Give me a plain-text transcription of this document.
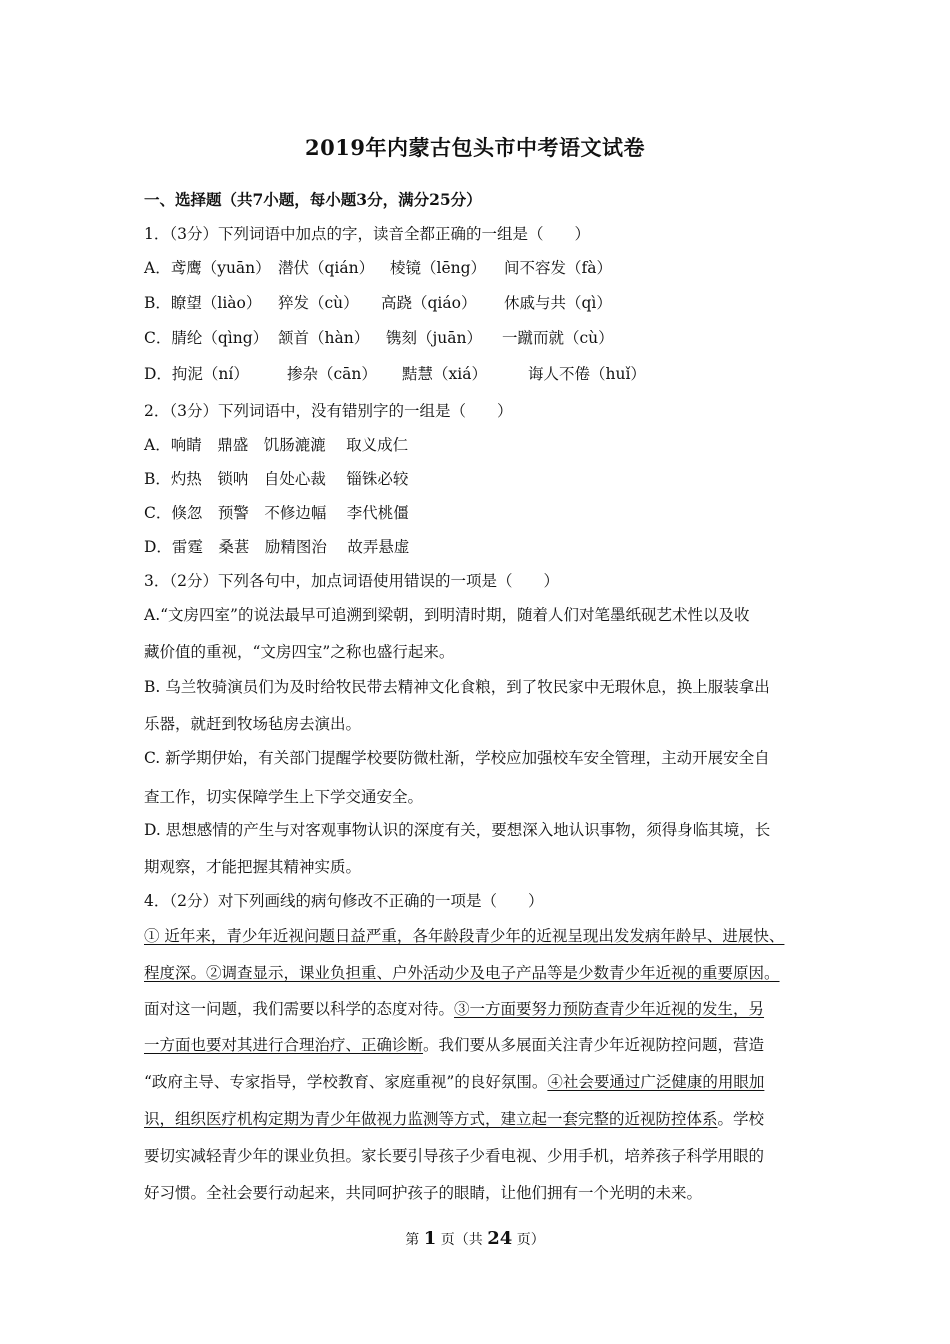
2019年内蒙古包头市中考语文试卷
一、选择题（共7小题，每小题3分，满分25分）
1．（3分）下列词语中加点的字，读音全都正确的一组是（　　）
A．鸢鹰（yuān） 潜伏（qián） 棱镜（lēng） 间不容发（fà）
B．瞭望（liào） 猝发（cù） 高跷（qiáo） 休戚与共（qì）
C．腈纶（qìng） 颔首（hàn） 镌刻（juān） 一蹴而就（cù）
D．拘泥（ní） 掺杂（cān） 黠慧（xiá）	诲人不倦（huǐ）
2．（3分）下列词语中，没有错别字的一组是（　　）
A．响睛　鼎盛　饥肠漉漉　 取义成仁
B．灼热　锁呐　自处心裁　 锱铢必较
C．倏忽　预警　不修边幅　 李代桃僵
D．雷霆　桑葚　励精图治　 故弄悬虚
3．（2分）下列各句中，加点词语使用错误的一项是（　　）
A.“文房四室”的说法最早可追溯到梁朝，到明清时期，随着人们对笔墨纸砚艺术性以及收
藏价值的重视，“文房四宝”之称也盛行起来。
B. 乌兰牧骑演员们为及时给牧民带去精神文化食粮，到了牧民家中无瑕休息，换上服装拿出
乐器，就赶到牧场毡房去演出。
C. 新学期伊始，有关部门提醒学校要防微杜渐，学校应加强校车安全管理，主动开展安全自
查工作，切实保障学生上下学交通安全。
D. 思想感情的产生与对客观事物认识的深度有关，要想深入地认识事物，须得身临其境，长
期观察，才能把握其精神实质。
4．（2分）对下列画线的病句修改不正确的一项是（　　）
① 近年来，青少年近视问题日益严重，各年龄段青少年的近视呈现出发发病年龄早、进展快、
程度深。②调查显示，课业负担重、户外活动少及电子产品等是少数青少年近视的重要原因。
面对这一问题，我们需要以科学的态度对待。③一方面要努力预防查青少年近视的发生，另
一方面也要对其进行合理治疗、正确诊断。我们要从多展面关注青少年近视防控问题，营造
“政府主导、专家指导，学校教育、家庭重视”的良好氛围。④社会要通过广泛健康的用眼加
识，组织医疗机构定期为青少年做视力监测等方式，建立起一套完整的近视防控体系。学校
要切实减轻青少年的课业负担。家长要引导孩子少看电视、少用手机，培养孩子科学用眼的
好习惯。全社会要行动起来，共同呵护孩子的眼睛，让他们拥有一个光明的未来。
第 1 页（共 24 页）
